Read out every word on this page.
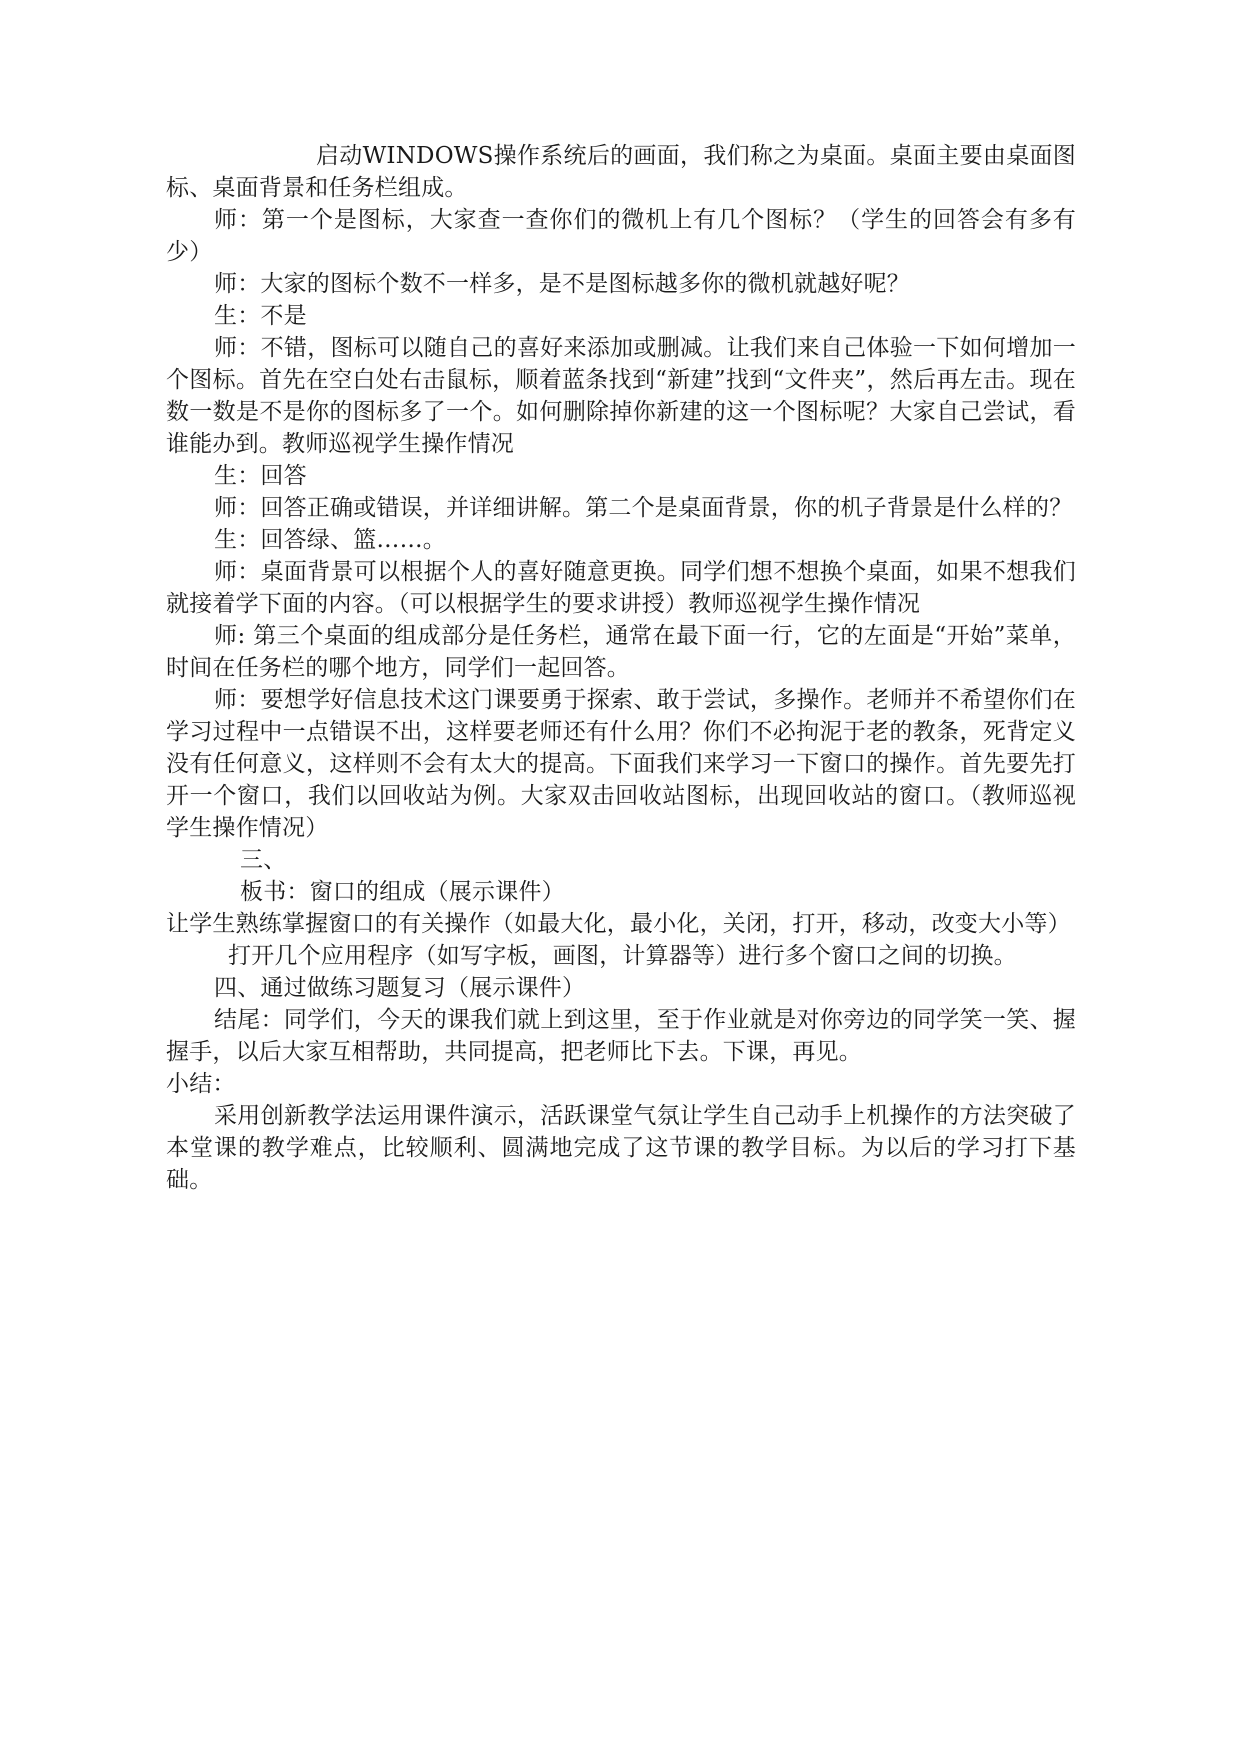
启动WINDOWS操作系统后的画面，我们称之为桌面。桌面主要由桌面图标、桌面背景和任务栏组成。

师：第一个是图标，大家查一查你们的微机上有几个图标？（学生的回答会有多有少）

师：大家的图标个数不一样多，是不是图标越多你的微机就越好呢？

生：不是

师：不错，图标可以随自己的喜好来添加或删减。让我们来自己体验一下如何增加一个图标。首先在空白处右击鼠标，顺着蓝条找到“新建”找到“文件夹”，然后再左击。现在数一数是不是你的图标多了一个。如何删除掉你新建的这一个图标呢？大家自己尝试，看谁能办到。教师巡视学生操作情况

生：回答

师：回答正确或错误，并详细讲解。第二个是桌面背景，你的机子背景是什么样的？

生：回答绿、篮……。

师：桌面背景可以根据个人的喜好随意更换。同学们想不想换个桌面，如果不想我们就接着学下面的内容。（可以根据学生的要求讲授）教师巡视学生操作情况

师: 第三个桌面的组成部分是任务栏，通常在最下面一行，它的左面是“开始”菜单，时间在任务栏的哪个地方，同学们一起回答。

师：要想学好信息技术这门课要勇于探索、敢于尝试，多操作。老师并不希望你们在学习过程中一点错误不出，这样要老师还有什么用？你们不必拘泥于老的教条，死背定义没有任何意义，这样则不会有太大的提高。下面我们来学习一下窗口的操作。首先要先打开一个窗口，我们以回收站为例。大家双击回收站图标，出现回收站的窗口。（教师巡视学生操作情况）

三、

板书：窗口的组成（展示课件）

让学生熟练掌握窗口的有关操作（如最大化，最小化，关闭，打开，移动，改变大小等）

打开几个应用程序（如写字板，画图，计算器等）进行多个窗口之间的切换。

四、通过做练习题复习（展示课件）

结尾：同学们，今天的课我们就上到这里，至于作业就是对你旁边的同学笑一笑、握握手，以后大家互相帮助，共同提高，把老师比下去。下课，再见。

小结：

采用创新教学法运用课件演示，活跃课堂气氛让学生自己动手上机操作的方法突破了本堂课的教学难点，比较顺利、圆满地完成了这节课的教学目标。为以后的学习打下基础。
